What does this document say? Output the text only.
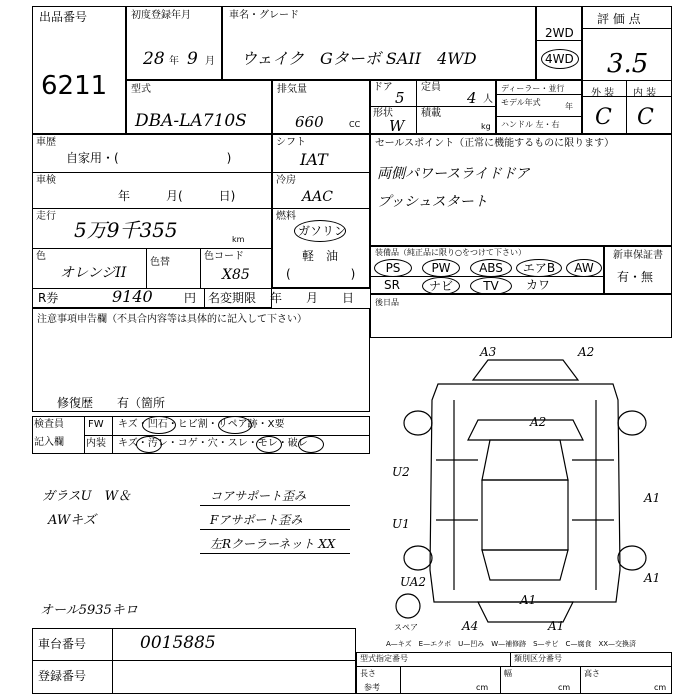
出品番号
6211
初度登録年月
28 年 9 月
車名・グレード
ウェイク　Gターボ SAII　4WD
2WD
4WD
評 価 点
3.5
外 装 内 装
C C
型式
DBA-LA710S
排気量
660	CC
ドア
5
定員
4 人
形状
W
積載
kg
ディーラー・並行
モデル年式	年
ハンドル 左・右
車歴
自家用・(　　　　　　　　　)
車検
年　　　月(　　　日)
走行
5万9千355	km
色
オレンジII
色替
色コード
X85
R券	9140	円 名変期限 年　　月　　日
シフト
IAT
冷房
AAC
燃料
ガソリン
軽　油
(　　　　　)
セールスポイント（正常に機能するものに限ります）
両側パワースライドドア
プッシュスタート
装備品（純正品に限り○をつけて下さい）
PS	PW	ABS	エアB	AW
SR	ナビ	TV	カワ
新車保証書
有・無
後日品
注意事項申告欄（不具合内容等は具体的に記入して下さい）
修復歴　　有（箇所
検査員
記入欄
FW キズ・凹石・ヒビ割・リペア跡・X要
内装 キズ・汚レ・コゲ・穴・スレ・モレ・破レ
ガラスU　W＆
AWキズ
コアサポート歪み
Fアサポート歪み
左Rクーラーネット XX
オール5935キロ
A3	A2
A2
U2
U1
A1
A1
UA2
A1
A4	A1
スペア
A—キズ　E—エクボ　U—凹み　W—補修跡　S—サビ　C—腐食　XX—交換済
車台番号	0015885
登録番号
型式指定番号	類別区分番号
長さ
参考	cm
幅
cm
高さ
cm
